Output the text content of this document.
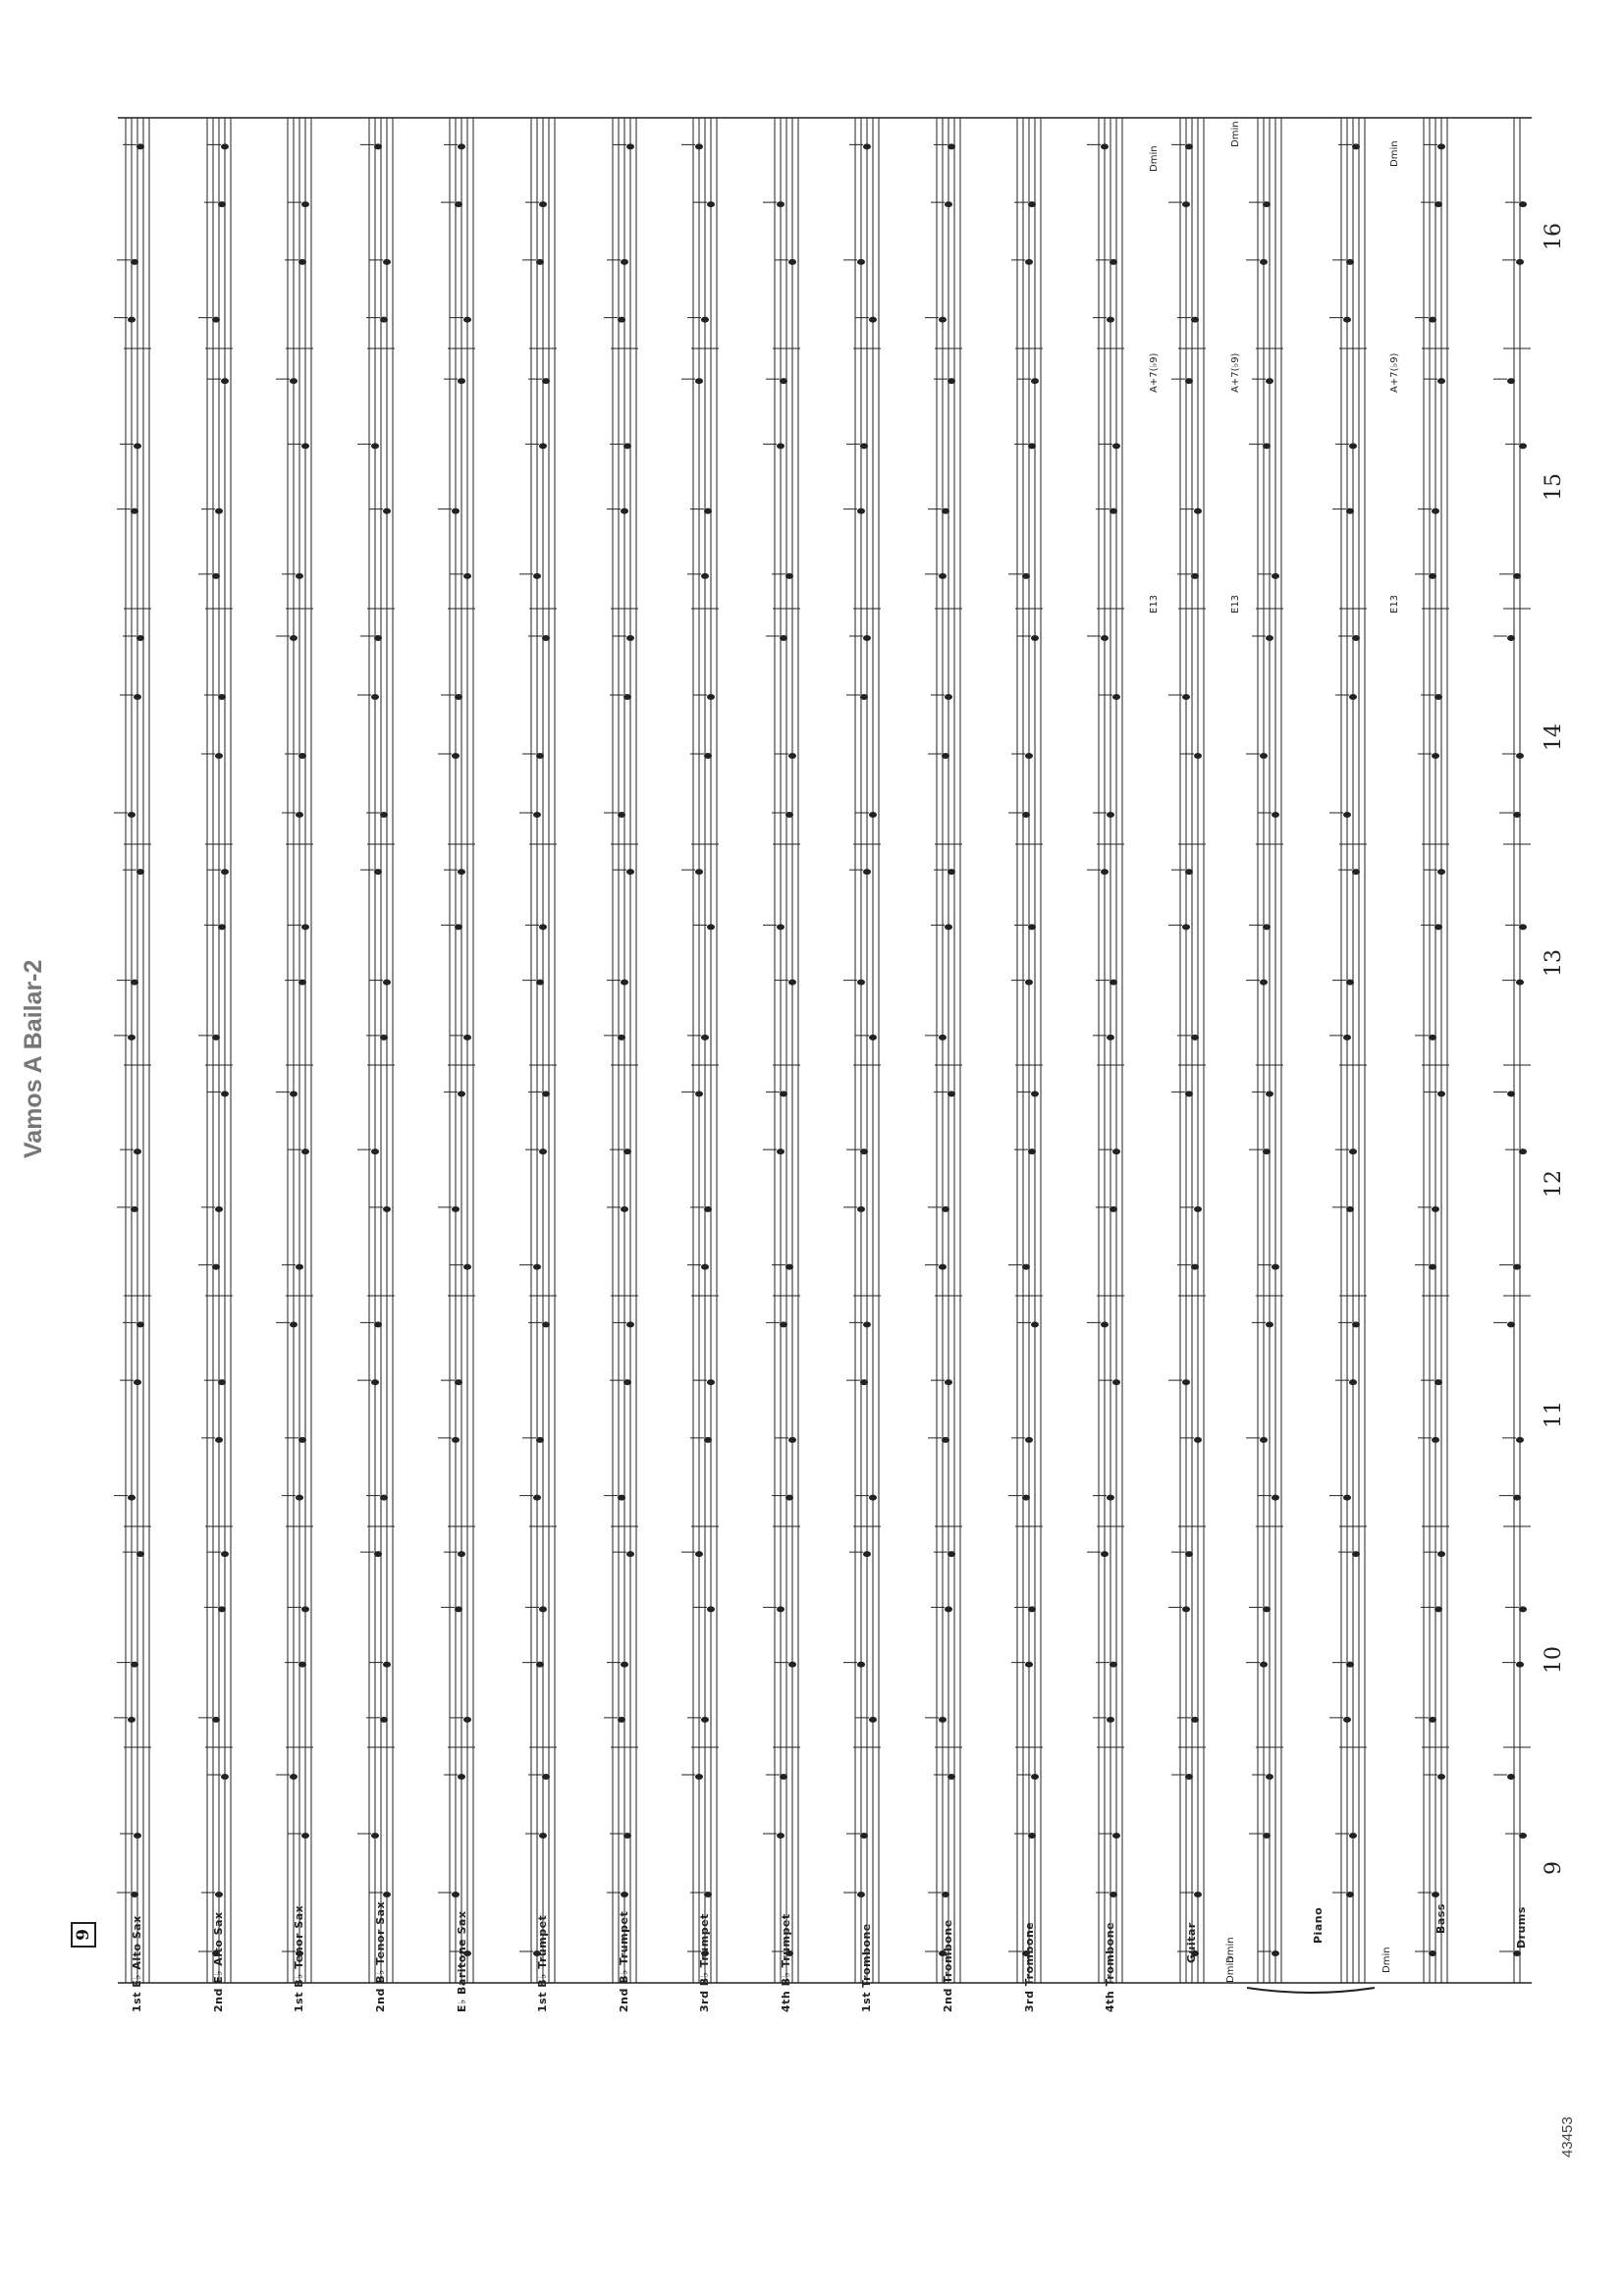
Vamos A Bailar-2
9
43453
1st E♭ Alto Sax	2nd E♭ Alto Sax	1st B♭ Tenor Sax	2nd B♭ Tenor Sax	E♭ Baritone Sax	1st B♭ Trumpet	2nd B♭ Trumpet	3rd B♭ Trumpet	4th B♭ Trumpet	1st Trombone	2nd Trombone	3rd Trombone	4th Trombone	Guitar	Piano	Bass	Drums
9
10
11
12
13
14
15
16
Dmin
E13
A+7(♭9)
Dmin
Dmin
E13
A+7(♭9)
Dmin
Dmin
E13
A+7(♭9)
Dmin
